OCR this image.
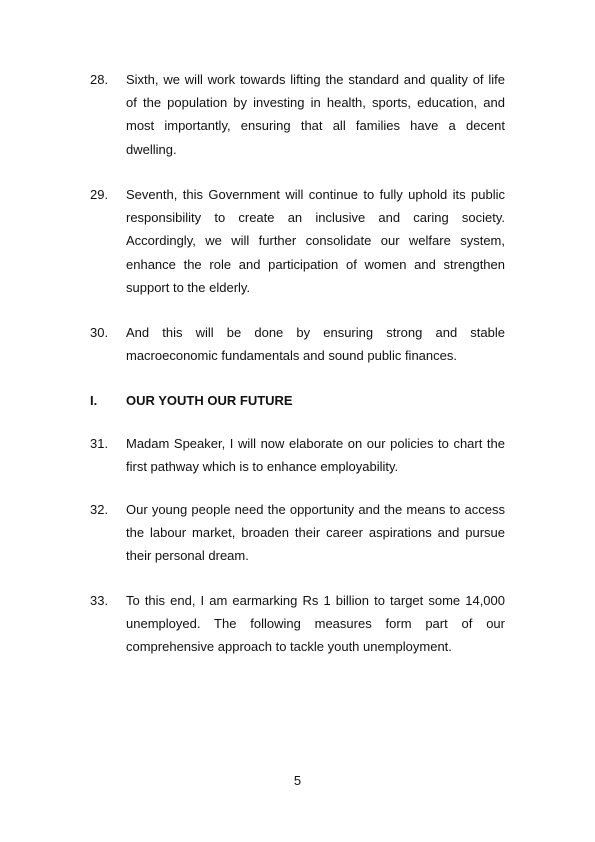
28. Sixth, we will work towards lifting the standard and quality of life of the population by investing in health, sports, education, and most importantly, ensuring that all families have a decent dwelling.
29. Seventh, this Government will continue to fully uphold its public responsibility to create an inclusive and caring society. Accordingly, we will further consolidate our welfare system, enhance the role and participation of women and strengthen support to the elderly.
30. And this will be done by ensuring strong and stable macroeconomic fundamentals and sound public finances.
I. OUR YOUTH OUR FUTURE
31. Madam Speaker, I will now elaborate on our policies to chart the first pathway which is to enhance employability.
32. Our young people need the opportunity and the means to access the labour market, broaden their career aspirations and pursue their personal dream.
33. To this end, I am earmarking Rs 1 billion to target some 14,000 unemployed. The following measures form part of our comprehensive approach to tackle youth unemployment.
5
